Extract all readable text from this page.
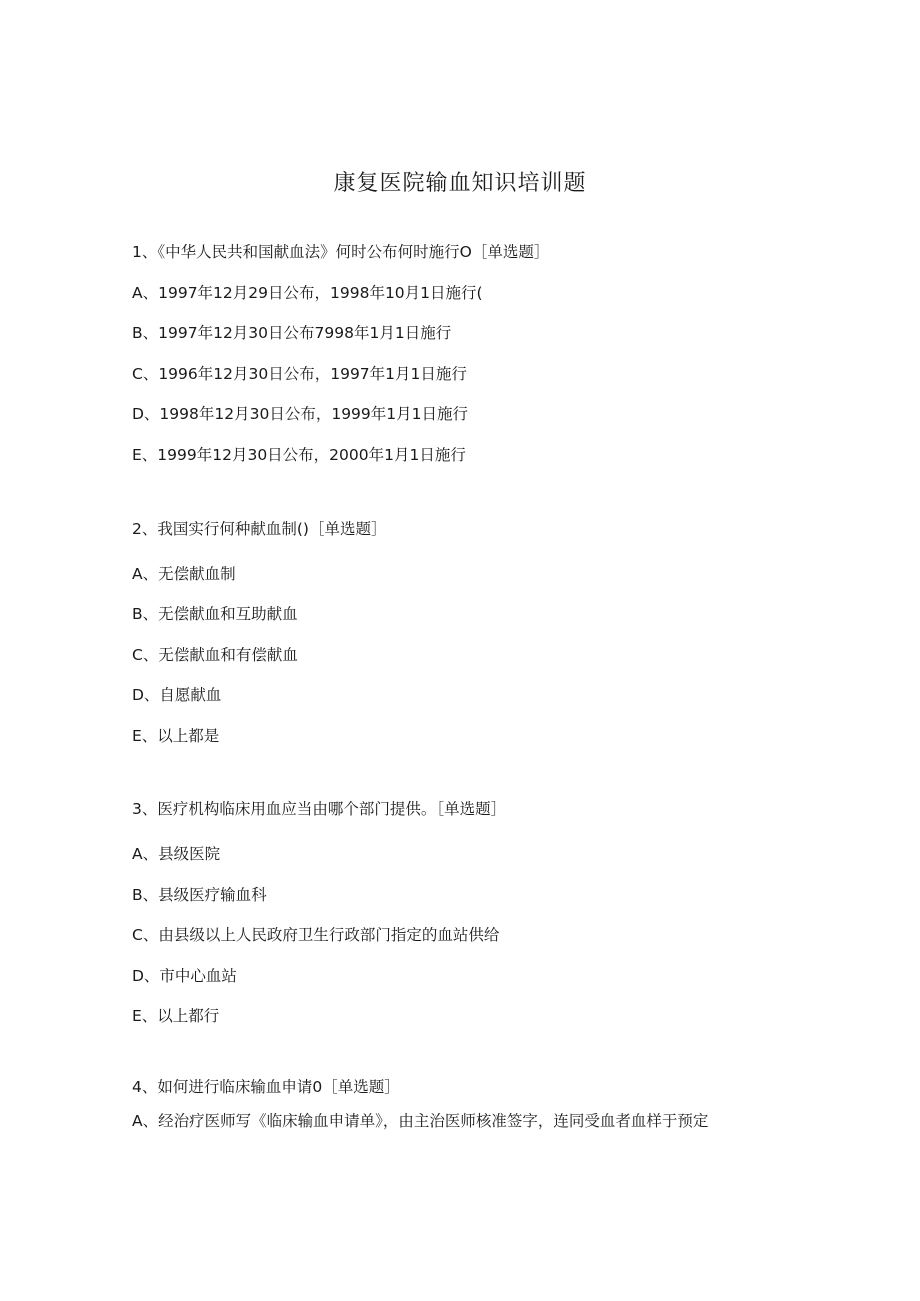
康复医院输血知识培训题
1、《中华人民共和国献血法》何时公布何时施行O［单选题］
A、1997年12月29日公布，1998年10月1日施行(
B、1997年12月30日公布7998年1月1日施行
C、1996年12月30日公布，1997年1月1日施行
D、1998年12月30日公布，1999年1月1日施行
E、1999年12月30日公布，2000年1月1日施行
2、我国实行何种献血制()［单选题］
A、无偿献血制
B、无偿献血和互助献血
C、无偿献血和有偿献血
D、自愿献血
E、以上都是
3、医疗机构临床用血应当由哪个部门提供。［单选题］
A、县级医院
B、县级医疗输血科
C、由县级以上人民政府卫生行政部门指定的血站供给
D、市中心血站
E、以上都行
4、如何进行临床输血申请0［单选题］
A、经治疗医师写《临床输血申请单》，由主治医师核准签字，连同受血者血样于预定
